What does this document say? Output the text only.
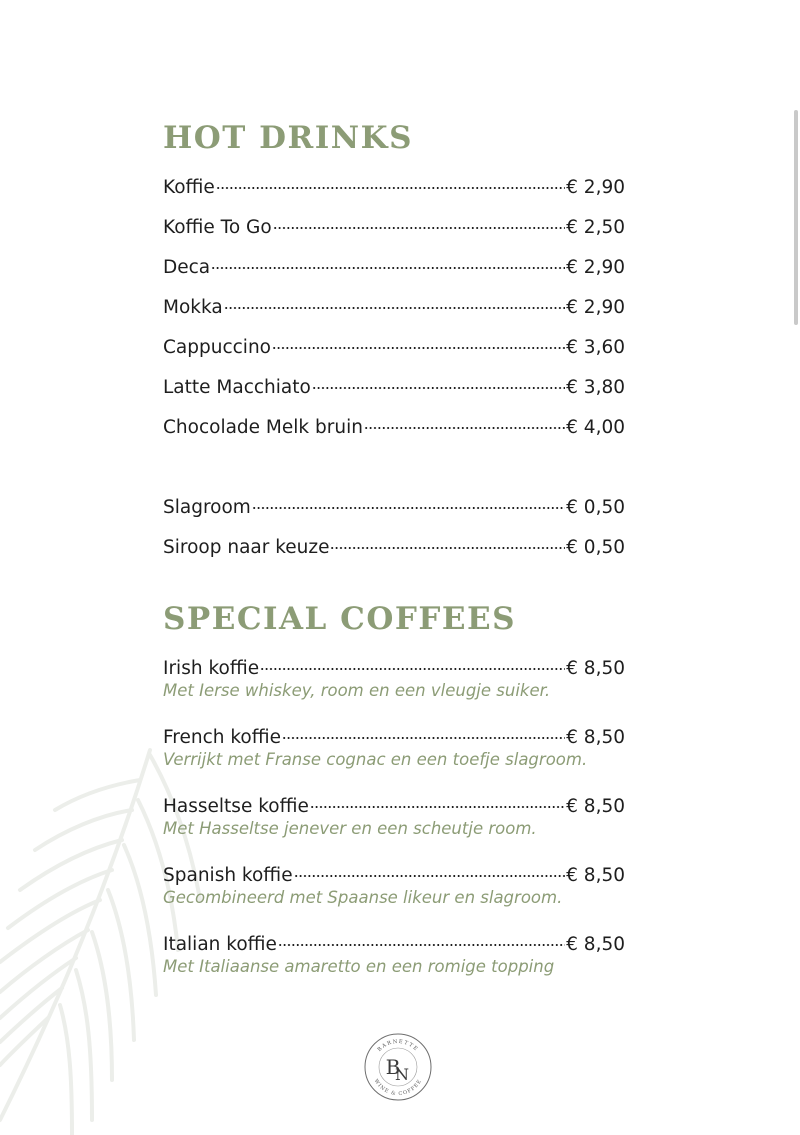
HOT DRINKS
Koffie	€ 2,90
Koffie To Go	€ 2,50
Deca	€ 2,90
Mokka	€ 2,90
Cappuccino	€ 3,60
Latte Macchiato	€ 3,80
Chocolade Melk bruin	€ 4,00
Slagroom	€ 0,50
Siroop naar keuze	€ 0,50
SPECIAL COFFEES
Irish koffie	€ 8,50
Met Ierse whiskey, room en een vleugje suiker.
French koffie	€ 8,50
Verrijkt met Franse cognac en een toefje slagroom.
Hasseltse koffie	€ 8,50
Met Hasseltse jenever en een scheutje room.
Spanish koffie	€ 8,50
Gecombineerd met Spaanse likeur en slagroom.
Italian koffie	€ 8,50
Met Italiaanse amaretto en een romige topping
BARNETTE
WINE & COFFEE
B
N
